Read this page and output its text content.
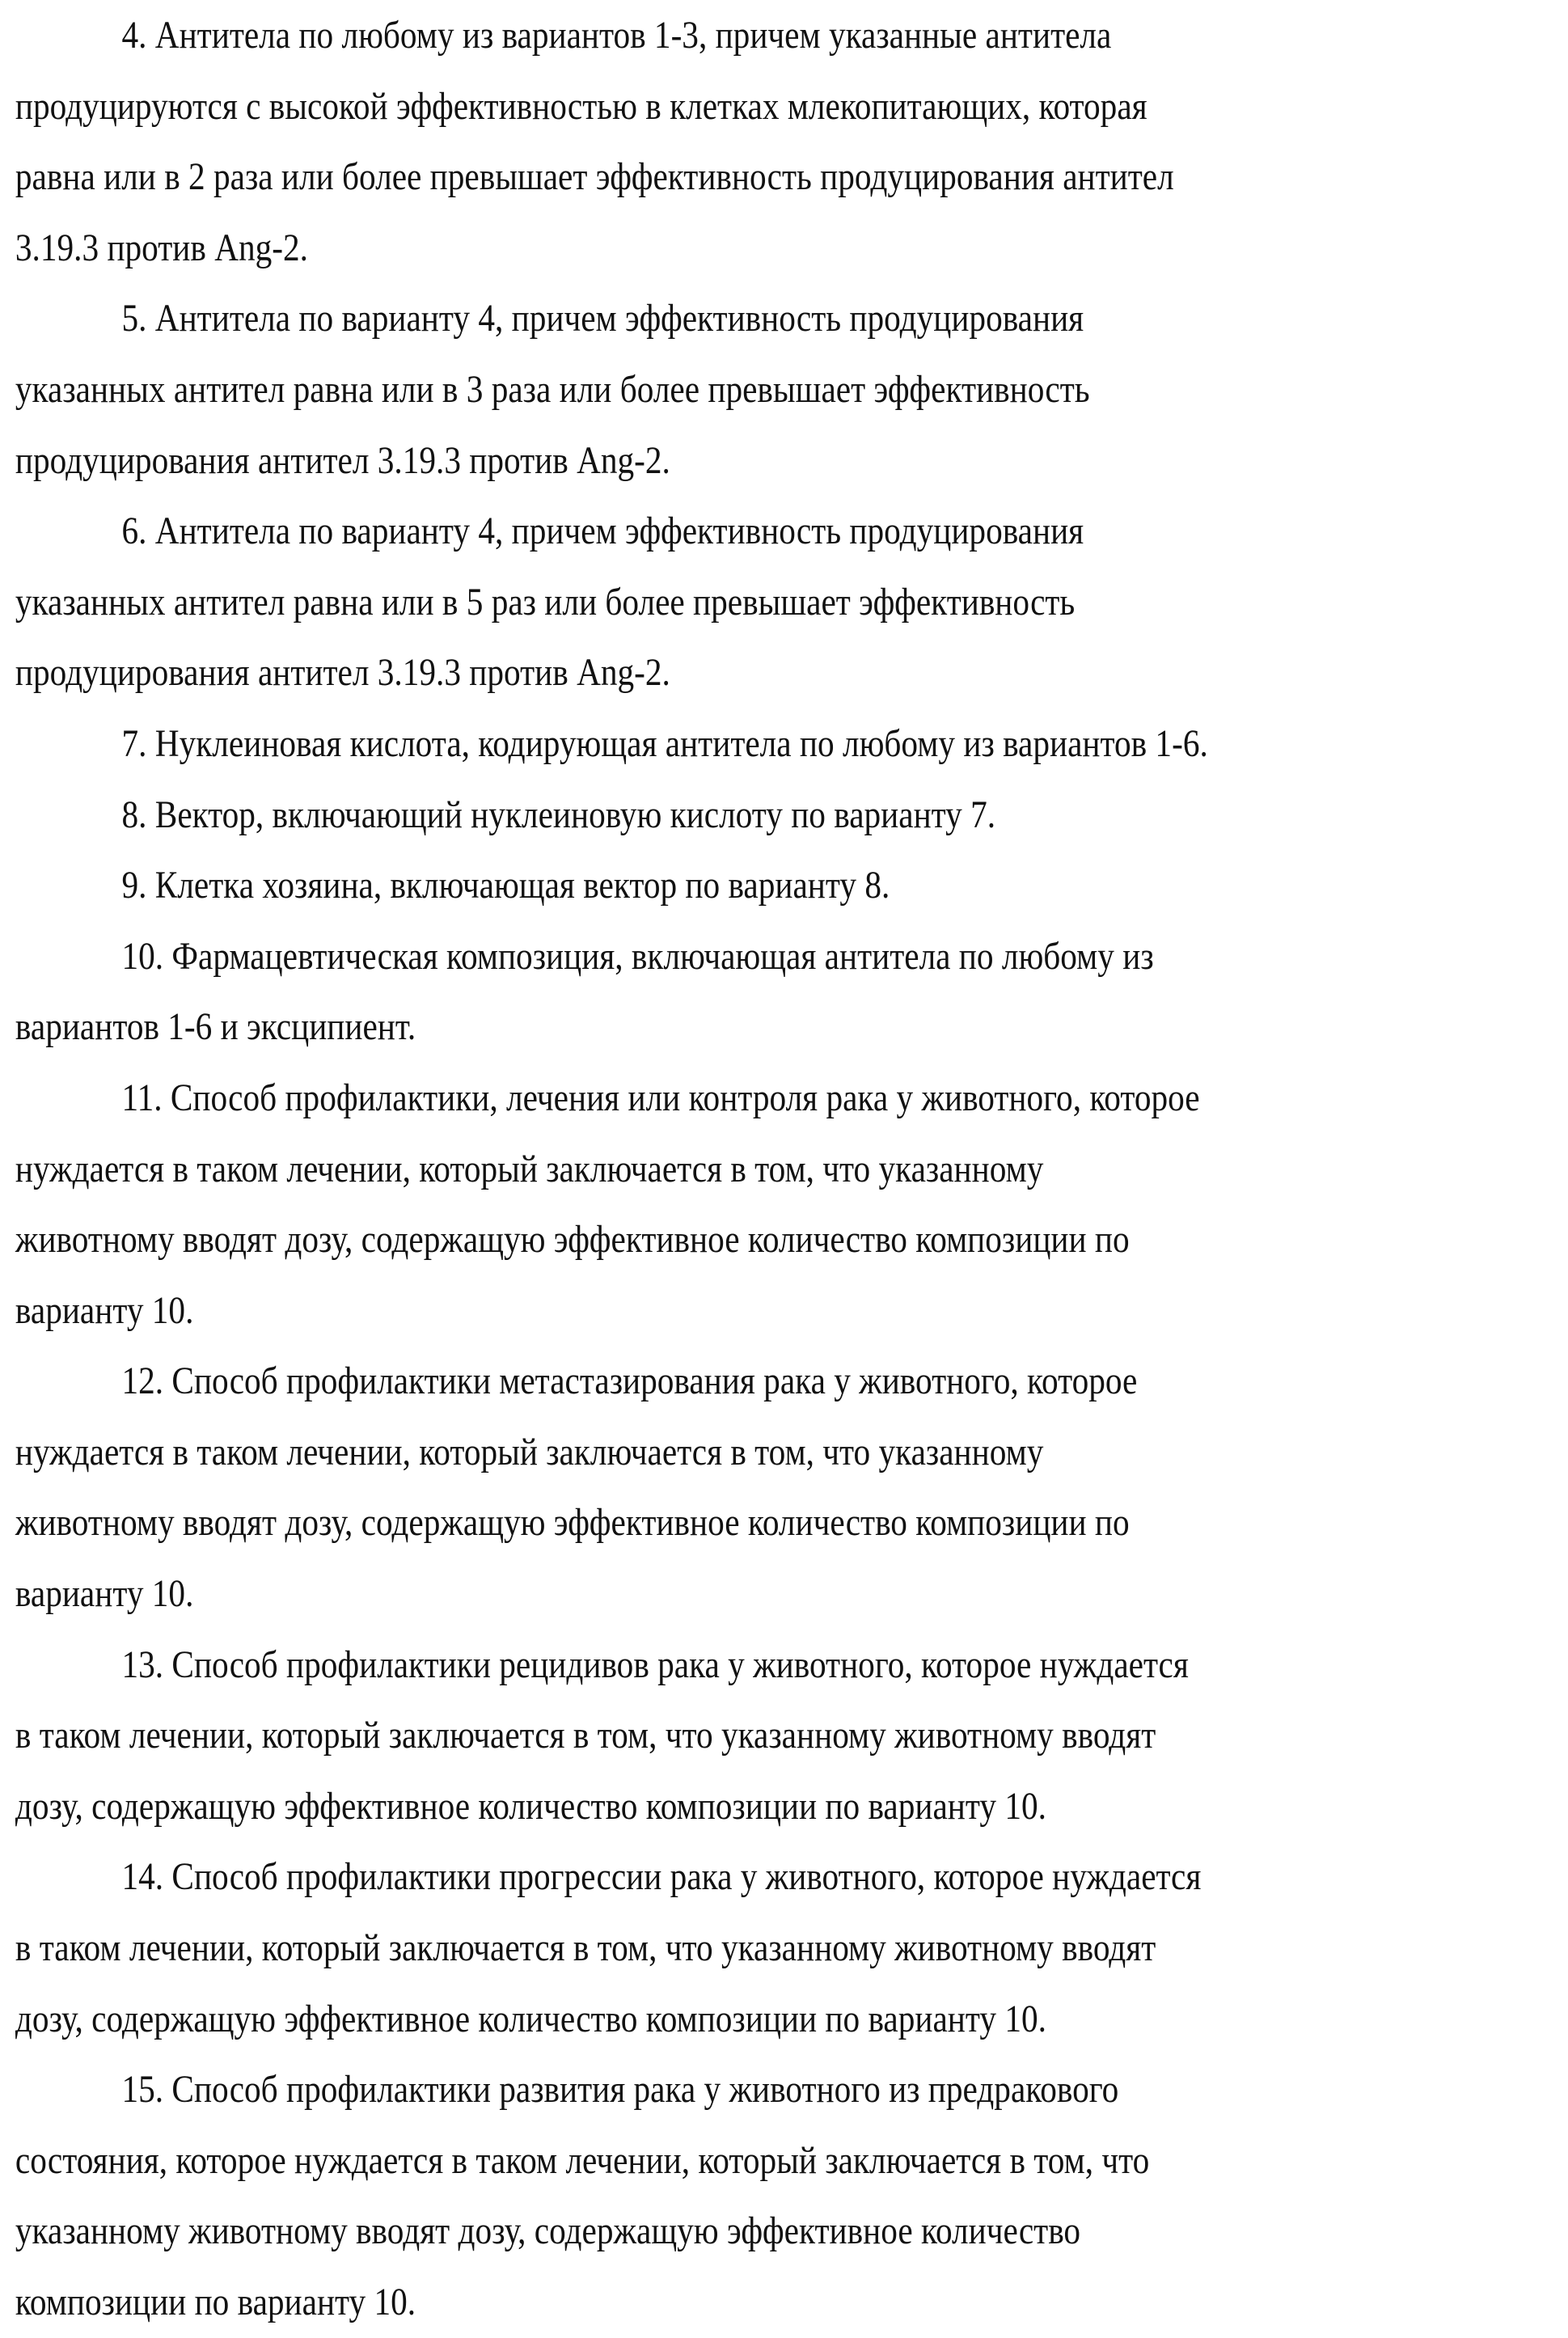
4. Антитела по любому из вариантов 1-3, причем указанные антитела
продуцируются с высокой эффективностью в клетках млекопитающих, которая
равна или в 2 раза или более превышает эффективность продуцирования антител
3.19.3 против Ang-2.
5. Антитела по варианту 4, причем эффективность продуцирования
указанных антител равна или в 3 раза или более превышает эффективность
продуцирования антител 3.19.3 против Ang-2.
6. Антитела по варианту 4, причем эффективность продуцирования
указанных антител равна или в 5 раз или более превышает эффективность
продуцирования антител 3.19.3 против Ang-2.
7. Нуклеиновая кислота, кодирующая антитела по любому из вариантов 1-6.
8. Вектор, включающий нуклеиновую кислоту по варианту 7.
9. Клетка хозяина, включающая вектор по варианту 8.
10. Фармацевтическая композиция, включающая антитела по любому из
вариантов 1-6 и эксципиент.
11. Способ профилактики, лечения или контроля рака у животного, которое
нуждается в таком лечении, который заключается в том, что указанному
животному вводят дозу, содержащую эффективное количество композиции по
варианту 10.
12. Способ профилактики метастазирования рака у животного, которое
нуждается в таком лечении, который заключается в том, что указанному
животному вводят дозу, содержащую эффективное количество композиции по
варианту 10.
13. Способ профилактики рецидивов рака у животного, которое нуждается
в таком лечении, который заключается в том, что указанному животному вводят
дозу, содержащую эффективное количество композиции по варианту 10.
14. Способ профилактики прогрессии рака у животного, которое нуждается
в таком лечении, который заключается в том, что указанному животному вводят
дозу, содержащую эффективное количество композиции по варианту 10.
15. Способ профилактики развития рака у животного из предракового
состояния, которое нуждается в таком лечении, который заключается в том, что
указанному животному вводят дозу, содержащую эффективное количество
композиции по варианту 10.
